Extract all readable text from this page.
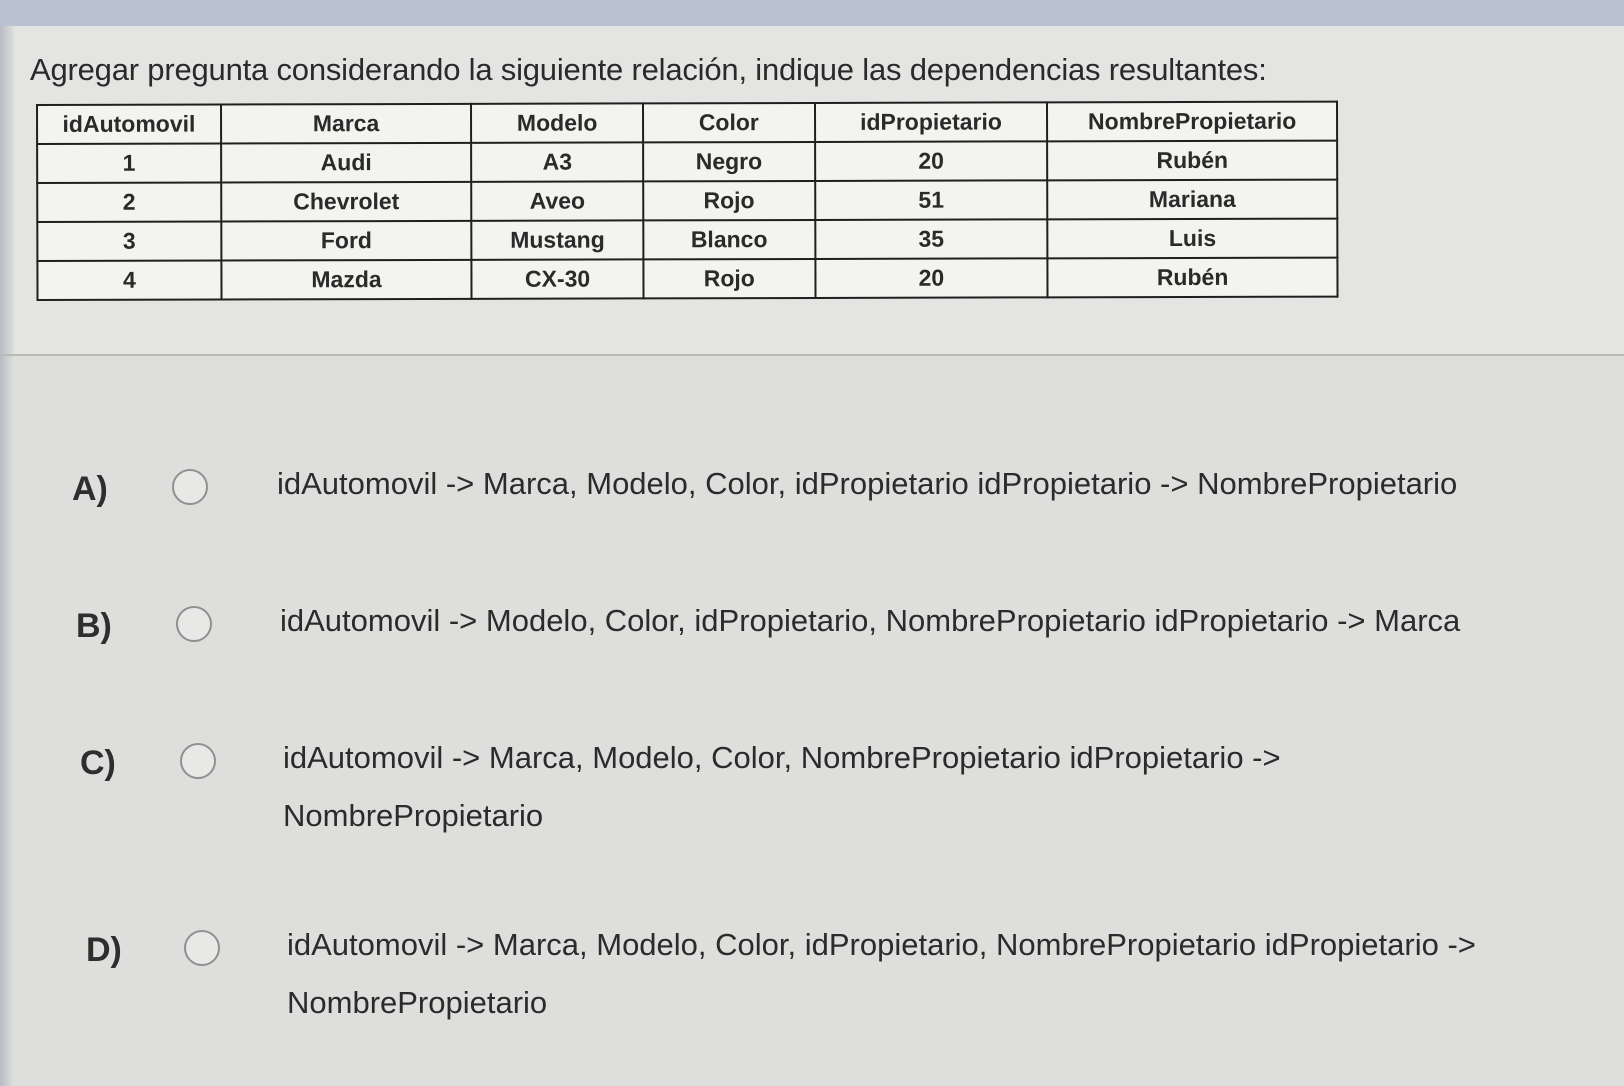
Agregar pregunta considerando la siguiente relación, indique las dependencias resultantes:
idAutomovil	Marca	Modelo	Color	idPropietario	NombrePropietario
1	Audi	A3	Negro	20	Rubén
2	Chevrolet	Aveo	Rojo	51	Mariana
3	Ford	Mustang	Blanco	35	Luis
4	Mazda	CX-30	Rojo	20	Rubén
A)	idAutomovil -> Marca, Modelo, Color, idPropietario idPropietario -> NombrePropietario
B)	idAutomovil -> Modelo, Color, idPropietario, NombrePropietario idPropietario -> Marca
C)	idAutomovil -> Marca, Modelo, Color, NombrePropietario idPropietario -> NombrePropietario
D)	idAutomovil -> Marca, Modelo, Color, idPropietario, NombrePropietario idPropietario -> NombrePropietario
